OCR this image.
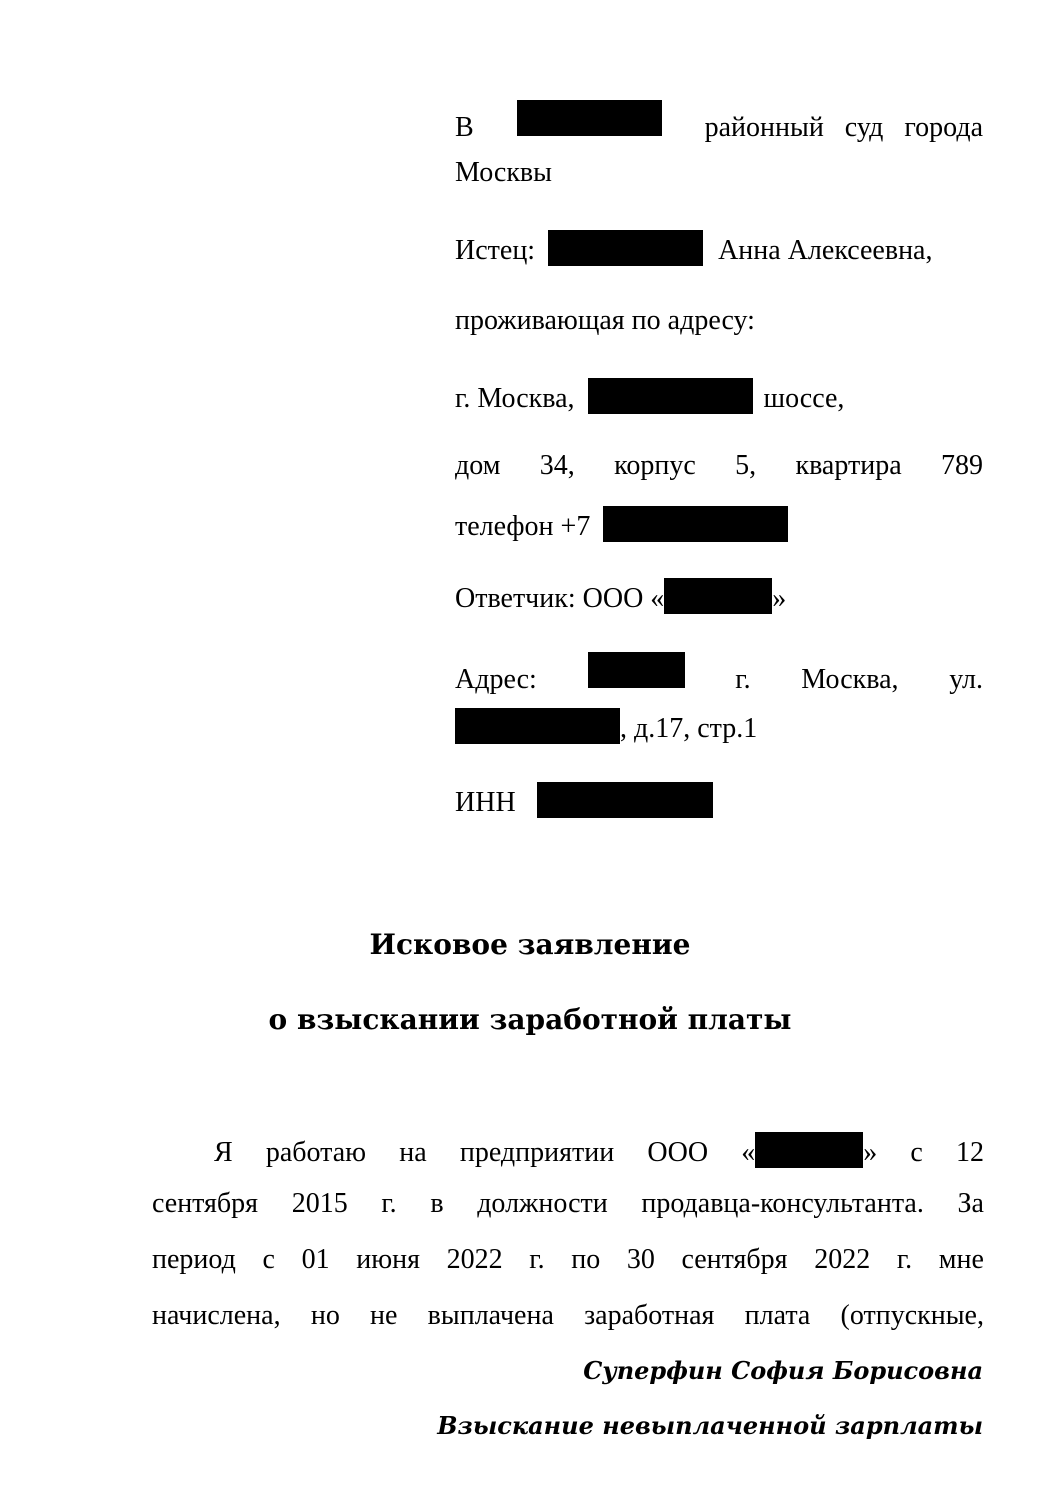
В	районный суд города
Москвы
Истец:	Анна Алексеевна,
проживающая по адресу:
г. Москва,	шоссе,
дом 34, корпус 5, квартира 789
телефон +7
Ответчик: ООО «	»
Адрес:	г. Москва, ул.
, д.17, стр.1
ИНН
Исковое заявление
о взыскании заработной платы
Я работаю на предприятии ООО «	» с 12
сентября 2015 г. в должности продавца-консультанта. За
период с 01 июня 2022 г. по 30 сентября 2022 г. мне
начислена, но не выплачена заработная плата (отпускные,
Суперфин София Борисовна
Взыскание невыплаченной зарплаты
